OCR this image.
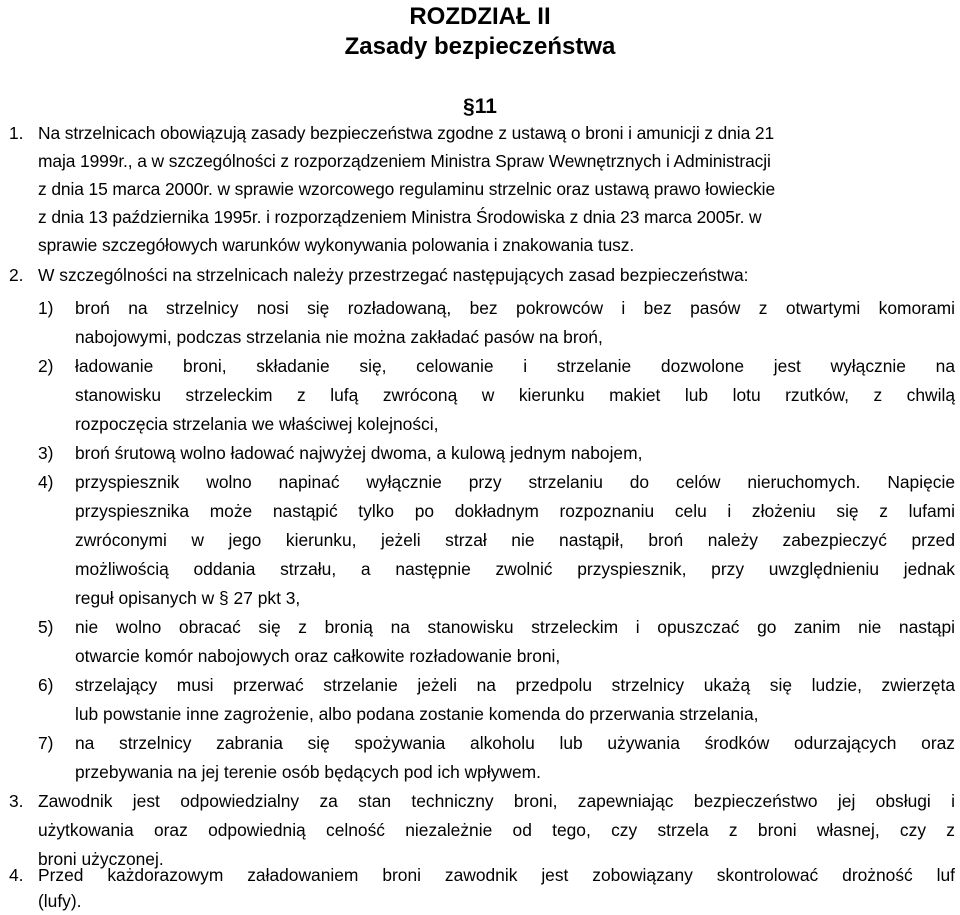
ROZDZIAŁ II
Zasady bezpieczeństwa
§11
1. Na strzelnicach obowiązują zasady bezpieczeństwa zgodne z ustawą o broni i amunicji z dnia 21
maja 1999r., a w szczególności z rozporządzeniem Ministra Spraw Wewnętrznych i Administracji
z dnia 15 marca 2000r. w sprawie wzorcowego regulaminu strzelnic oraz ustawą prawo łowieckie
z dnia 13 października 1995r. i rozporządzeniem Ministra Środowiska z dnia 23 marca 2005r. w
sprawie szczegółowych warunków wykonywania polowania i znakowania tusz.
2. W szczególności na strzelnicach należy przestrzegać następujących zasad bezpieczeństwa:
1) broń na strzelnicy nosi się rozładowaną, bez pokrowców i bez pasów z otwartymi komorami
nabojowymi, podczas strzelania nie można zakładać pasów na broń,
2) ładowanie broni, składanie się, celowanie i strzelanie dozwolone jest wyłącznie na
stanowisku strzeleckim z lufą zwróconą w kierunku makiet lub lotu rzutków, z chwilą
rozpoczęcia strzelania we właściwej kolejności,
3) broń śrutową wolno ładować najwyżej dwoma, a kulową jednym nabojem,
4) przyspiesznik wolno napinać wyłącznie przy strzelaniu do celów nieruchomych. Napięcie
przyspiesznika może nastąpić tylko po dokładnym rozpoznaniu celu i złożeniu się z lufami
zwróconymi w jego kierunku, jeżeli strzał nie nastąpił, broń należy zabezpieczyć przed
możliwością oddania strzału, a następnie zwolnić przyspiesznik, przy uwzględnieniu jednak
reguł opisanych w § 27 pkt 3,
5) nie wolno obracać się z bronią na stanowisku strzeleckim i opuszczać go zanim nie nastąpi
otwarcie komór nabojowych oraz całkowite rozładowanie broni,
6) strzelający musi przerwać strzelanie jeżeli na przedpolu strzelnicy ukażą się ludzie, zwierzęta
lub powstanie inne zagrożenie, albo podana zostanie komenda do przerwania strzelania,
7) na strzelnicy zabrania się spożywania alkoholu lub używania środków odurzających oraz
przebywania na jej terenie osób będących pod ich wpływem.
3. Zawodnik jest odpowiedzialny za stan techniczny broni, zapewniając bezpieczeństwo jej obsługi i
użytkowania oraz odpowiednią celność niezależnie od tego, czy strzela z broni własnej, czy z
broni użyczonej.
4. Przed każdorazowym załadowaniem broni zawodnik jest zobowiązany skontrolować drożność luf
(lufy).
